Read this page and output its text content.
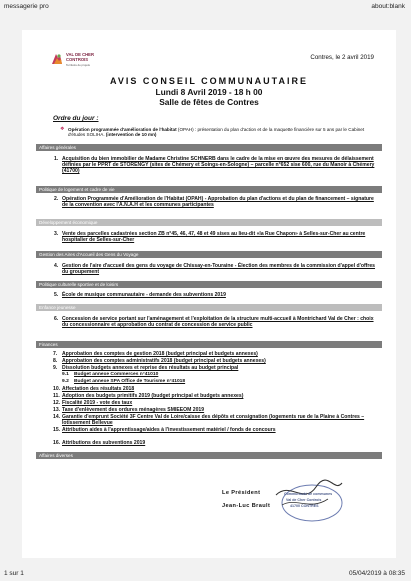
messagerie pro	about:blank
1 sur 1	05/04/2019 à 08:35
VAL DE CHER
CONTROIS
Territoire de projets
Contres, le 2 avril 2019
AVIS CONSEIL COMMUNAUTAIRE
Lundi 8 Avril 2019 - 18 h 00
Salle de fêtes de Contres
Ordre du jour :
❖ Opération programmée d'amélioration de l'habitat (OPAH) : présentation du plan d'action et de la maquette financière sur 5 ans par le Cabinet d'études SOLIHA. (intervention de 10 mn)
Affaires générales
1. Acquisition du bien immobilier de Madame Christine SCHNERB dans le cadre de la mise en œuvre des mesures de délaissement définies par le PPRT de STORENGY (sites de Chémery et Soings-en-Sologne) – parcelle n°652 sise 600, rue du Manoir à Chémery (41700)
Politique de logement et cadre de vie
2. Opération Programmée d'Amélioration de l'Habitat (OPAH) - Approbation du plan d'actions et du plan de financement – signature de la convention avec l'A.N.A.H et les communes participantes
Développement économique
3. Vente des parcelles cadastrées section ZB n°45, 46, 47, 48 et 49 sises au lieu-dit «la Rue Chapon» à Selles-sur-Cher au centre hospitalier de Selles-sur-Cher
Gestion des Aires d'Accueil des Gens du Voyage
4. Gestion de l'aire d'accueil des gens du voyage de Chissay-en-Touraine - Élection des membres de la commission d'appel d'offres du groupement
Politique culturelle sportive et de loisirs
5. École de musique communautaire - demande des subventions 2019
Enfance jeunesse
6. Concession de service portant sur l'aménagement et l'exploitation de la structure multi-accueil à Montrichard Val de Cher : choix du concessionnaire et approbation du contrat de concession de service public
Finances
7. Approbation des comptes de gestion 2018 (budget principal et budgets annexes)
8. Approbation des comptes administratifs 2018 (budget principal et budgets annexes)
9. Dissolution budgets annexes et reprise des résultats au budget principal
9.1 Budget annexe Commerces n°41010
9.2 Budget annexe SPA Office de Tourisme n°41018
10. Affectation des résultats 2018
11. Adoption des budgets primitifs 2019 (budget principal et budgets annexes)
12. Fiscalité 2019 - vote des taux
13. Taxe d'enlèvement des ordures ménagères SMIEEOM 2019
14. Garantie d'emprunt Société 3F Centre Val de Loire/caisse des dépôts et consignation (logements rue de la Plaine à Contres – lotissement Bellevue
15. Attribution aides à l'apprentissage/aides à l'investissement matériel / fonds de concours
16. Attributions des subventions 2019
Affaires diverses
Communauté de communes
Val de Cher Controis
41700 CONTRES
Le Président
Jean-Luc Brault
